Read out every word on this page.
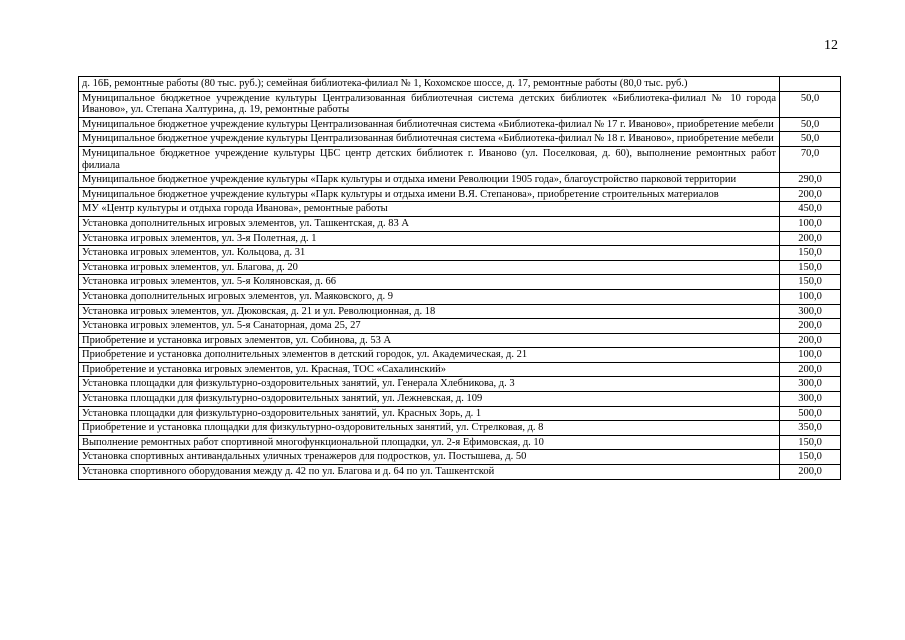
12
д. 16Б, ремонтные работы (80 тыс. руб.); семейная библиотека-филиал № 1, Кохомское шоссе, д. 17, ремонтные работы (80,0 тыс. руб.)	
Муниципальное бюджетное учреждение культуры Централизованная библиотечная система детских библиотек «Библиотека-филиал № 10 города Иваново», ул. Степана Халтурина, д. 19, ремонтные работы	50,0
Муниципальное бюджетное учреждение культуры Централизованная библиотечная система «Библиотека-филиал № 17 г. Иваново», приобретение мебели	50,0
Муниципальное бюджетное учреждение культуры Централизованная библиотечная система «Библиотека-филиал № 18 г. Иваново», приобретение мебели	50,0
Муниципальное бюджетное учреждение культуры ЦБС центр детских библиотек г. Иваново (ул. Поселковая, д. 60), выполнение ремонтных работ филиала	70,0
Муниципальное бюджетное учреждение культуры «Парк культуры и отдыха имени Революции 1905 года», благоустройство парковой территории	290,0
Муниципальное бюджетное учреждение культуры «Парк культуры и отдыха имени В.Я. Степанова», приобретение строительных материалов	200,0
МУ «Центр культуры и отдыха города Иванова», ремонтные работы	450,0
Установка дополнительных игровых элементов, ул. Ташкентская, д. 83 А	100,0
Установка игровых элементов, ул. 3-я Полетная, д. 1	200,0
Установка игровых элементов, ул. Кольцова, д. 31	150,0
Установка игровых элементов, ул. Благова, д. 20	150,0
Установка игровых элементов, ул. 5-я Коляновская, д. 66	150,0
Установка дополнительных игровых элементов, ул. Маяковского, д. 9	100,0
Установка игровых элементов, ул. Дюковская, д. 21 и ул. Революционная, д. 18	300,0
Установка игровых элементов, ул. 5-я Санаторная, дома 25, 27	200,0
Приобретение и установка игровых элементов, ул. Собинова, д. 53 А	200,0
Приобретение и установка дополнительных элементов в детский городок, ул. Академическая, д. 21	100,0
Приобретение и установка игровых элементов, ул. Красная, ТОС «Сахалинский»	200,0
Установка площадки для физкультурно-оздоровительных занятий, ул. Генерала Хлебникова, д. 3	300,0
Установка площадки для физкультурно-оздоровительных занятий, ул. Лежневская, д. 109	300,0
Установка площадки для физкультурно-оздоровительных занятий, ул. Красных Зорь, д. 1	500,0
Приобретение и установка площадки для физкультурно-оздоровительных занятий, ул. Стрелковая, д. 8	350,0
Выполнение ремонтных работ спортивной многофункциональной площадки, ул. 2-я Ефимовская, д. 10	150,0
Установка спортивных антивандальных уличных тренажеров для подростков, ул. Постышева, д. 50	150,0
Установка спортивного оборудования между д. 42 по ул. Благова и д. 64 по ул. Ташкентской	200,0
